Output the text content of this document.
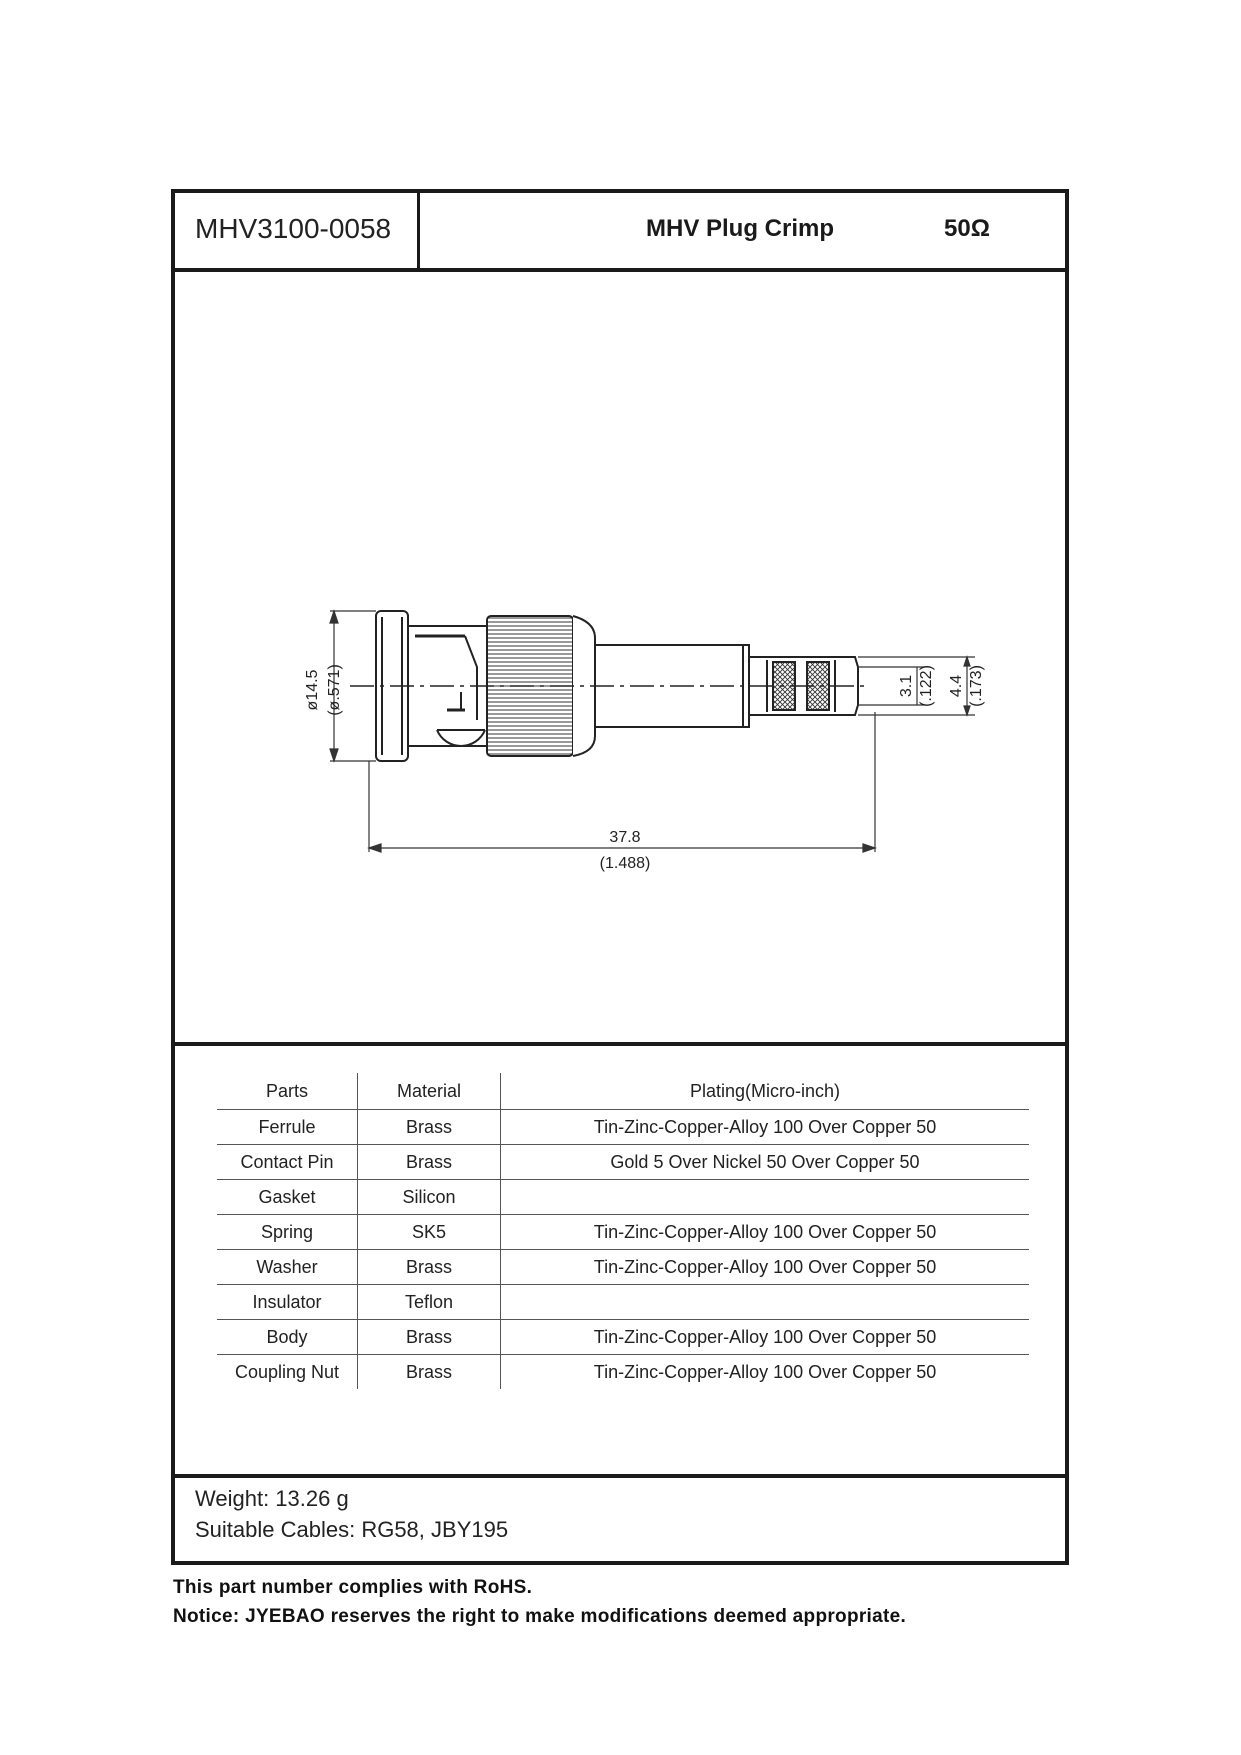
MHV3100-0058	MHV Plug Crimp	50Ω
ø14.5 (ø.571)
37.8
(1.488)
3.1 (.122) 4.4 (.173)
Parts	Material	Plating(Micro-inch)
Ferrule	Brass	Tin-Zinc-Copper-Alloy 100 Over Copper 50
Contact Pin	Brass	Gold 5 Over Nickel 50 Over Copper 50
Gasket	Silicon	
Spring	SK5	Tin-Zinc-Copper-Alloy 100 Over Copper 50
Washer	Brass	Tin-Zinc-Copper-Alloy 100 Over Copper 50
Insulator	Teflon	
Body	Brass	Tin-Zinc-Copper-Alloy 100 Over Copper 50
Coupling Nut	Brass	Tin-Zinc-Copper-Alloy 100 Over Copper 50
Weight: 13.26 g
Suitable Cables: RG58, JBY195
This part number complies with RoHS.
Notice: JYEBAO reserves the right to make modifications deemed appropriate.
